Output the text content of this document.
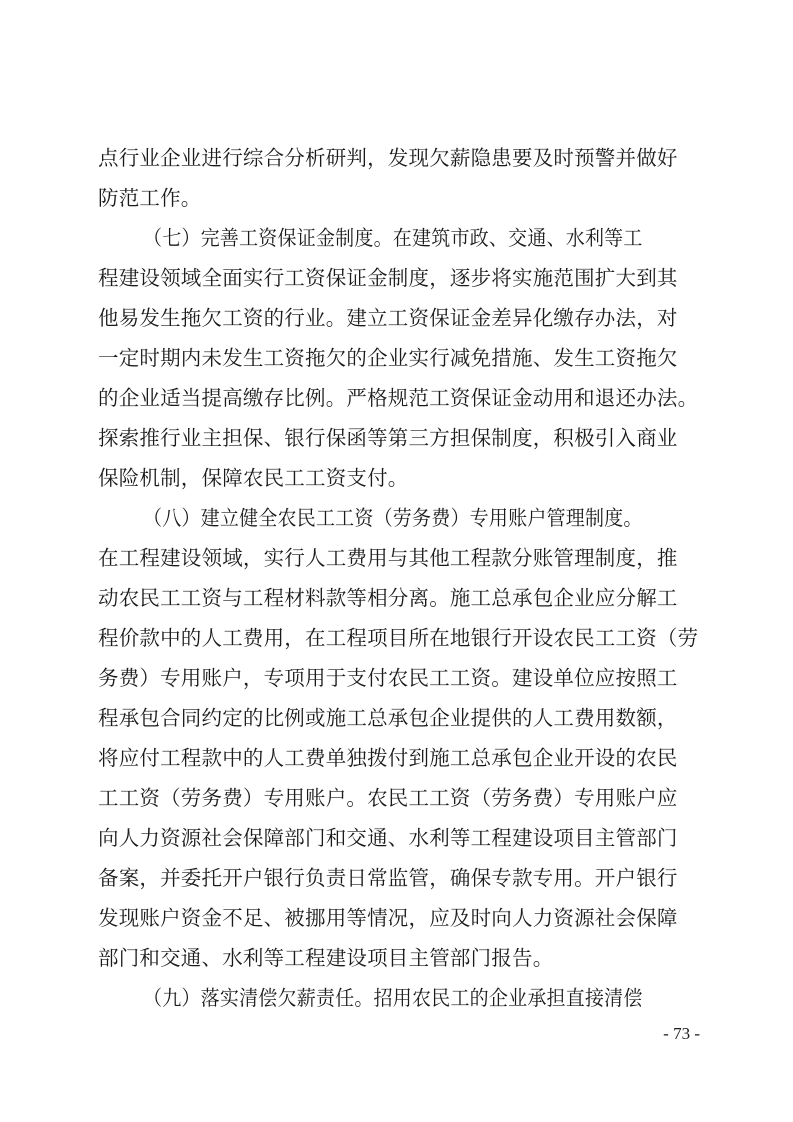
点行业企业进行综合分析研判，发现欠薪隐患要及时预警并做好
防范工作。
（七）完善工资保证金制度。在建筑市政、交通、水利等工
程建设领域全面实行工资保证金制度，逐步将实施范围扩大到其
他易发生拖欠工资的行业。建立工资保证金差异化缴存办法，对
一定时期内未发生工资拖欠的企业实行减免措施、发生工资拖欠
的企业适当提高缴存比例。严格规范工资保证金动用和退还办法。
探索推行业主担保、银行保函等第三方担保制度，积极引入商业
保险机制，保障农民工工资支付。
（八）建立健全农民工工资（劳务费）专用账户管理制度。
在工程建设领域，实行人工费用与其他工程款分账管理制度，推
动农民工工资与工程材料款等相分离。施工总承包企业应分解工
程价款中的人工费用，在工程项目所在地银行开设农民工工资（劳
务费）专用账户，专项用于支付农民工工资。建设单位应按照工
程承包合同约定的比例或施工总承包企业提供的人工费用数额，
将应付工程款中的人工费单独拨付到施工总承包企业开设的农民
工工资（劳务费）专用账户。农民工工资（劳务费）专用账户应
向人力资源社会保障部门和交通、水利等工程建设项目主管部门
备案，并委托开户银行负责日常监管，确保专款专用。开户银行
发现账户资金不足、被挪用等情况，应及时向人力资源社会保障
部门和交通、水利等工程建设项目主管部门报告。
（九）落实清偿欠薪责任。招用农民工的企业承担直接清偿
- 73 -
